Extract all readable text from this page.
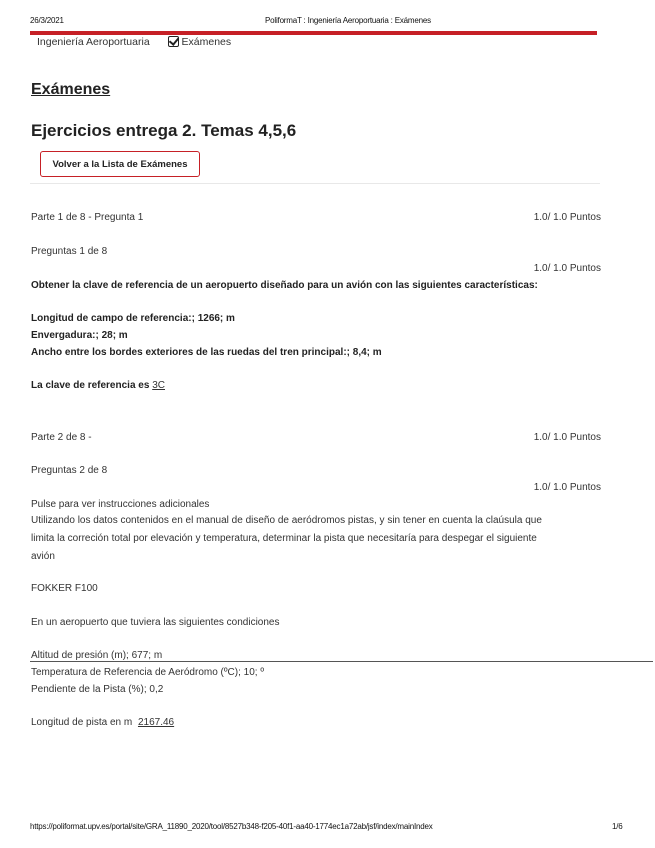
26/3/2021	PoliformaT : Ingeniería Aeroportuaria : Exámenes
Ingeniería Aeroportuaria	Exámenes
Exámenes
Ejercicios entrega 2. Temas 4,5,6
Volver a la Lista de Exámenes
Parte 1 de 8 - Pregunta 1	1.0/ 1.0 Puntos
Preguntas 1 de 8
1.0/ 1.0 Puntos
Obtener la clave de referencia de un aeropuerto diseñado para un avión con las siguientes características:
Longitud de campo de referencia:; 1266; m
Envergadura:; 28; m
Ancho entre los bordes exteriores de las ruedas del tren principal:; 8,4; m
La clave de referencia es 3C
Parte 2 de 8 -	1.0/ 1.0 Puntos
Preguntas 2 de 8
1.0/ 1.0 Puntos
Pulse para ver instrucciones adicionales
Utilizando los datos contenidos en el manual de diseño de aeródromos pistas, y sin tener en cuenta la claúsula que
limita la correción total por elevación y temperatura, determinar la pista que necesitaría para despegar el siguiente
avión
FOKKER F100
En un aeropuerto que tuviera las siguientes condiciones
Altitud de presión (m); 677; m
Temperatura de Referencia de Aeródromo (ºC); 10; º
Pendiente de la Pista (%); 0,2
Longitud de pista en m 2167.46
https://poliformat.upv.es/portal/site/GRA_11890_2020/tool/8527b348-f205-40f1-aa40-1774ec1a72ab/jsf/index/mainIndex	1/6
